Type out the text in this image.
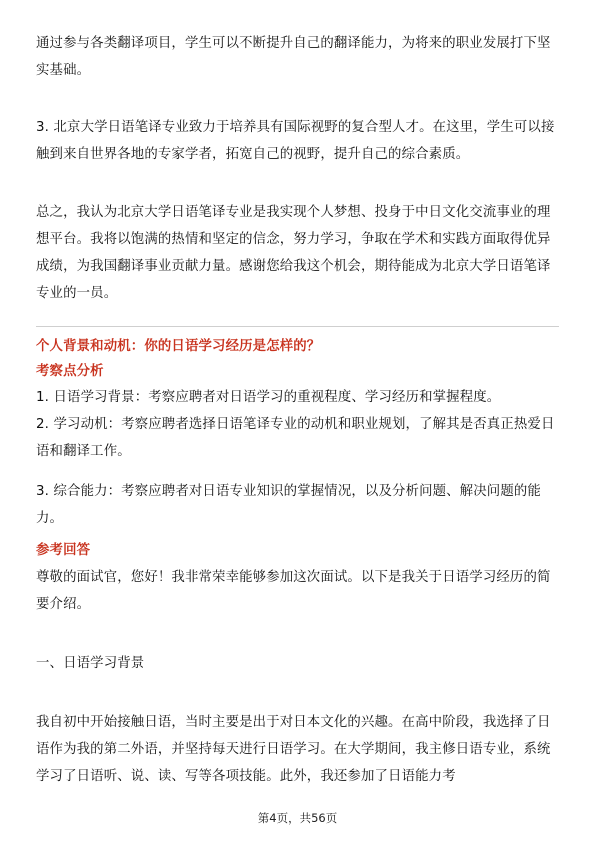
通过参与各类翻译项目，学生可以不断提升自己的翻译能力，为将来的职业发展打下坚实基础。

3. 北京大学日语笔译专业致力于培养具有国际视野的复合型人才。在这里，学生可以接触到来自世界各地的专家学者，拓宽自己的视野，提升自己的综合素质。

总之，我认为北京大学日语笔译专业是我实现个人梦想、投身于中日文化交流事业的理想平台。我将以饱满的热情和坚定的信念，努力学习，争取在学术和实践方面取得优异成绩，为我国翻译事业贡献力量。感谢您给我这个机会，期待能成为北京大学日语笔译专业的一员。

个人背景和动机：你的日语学习经历是怎样的？

考察点分析

1. 日语学习背景：考察应聘者对日语学习的重视程度、学习经历和掌握程度。

2. 学习动机：考察应聘者选择日语笔译专业的动机和职业规划，了解其是否真正热爱日语和翻译工作。

3. 综合能力：考察应聘者对日语专业知识的掌握情况，以及分析问题、解决问题的能力。

参考回答

尊敬的面试官，您好！我非常荣幸能够参加这次面试。以下是我关于日语学习经历的简要介绍。

一、日语学习背景

我自初中开始接触日语，当时主要是出于对日本文化的兴趣。在高中阶段，我选择了日语作为我的第二外语，并坚持每天进行日语学习。在大学期间，我主修日语专业，系统学习了日语听、说、读、写等各项技能。此外，我还参加了日语能力考

第4页，共56页
